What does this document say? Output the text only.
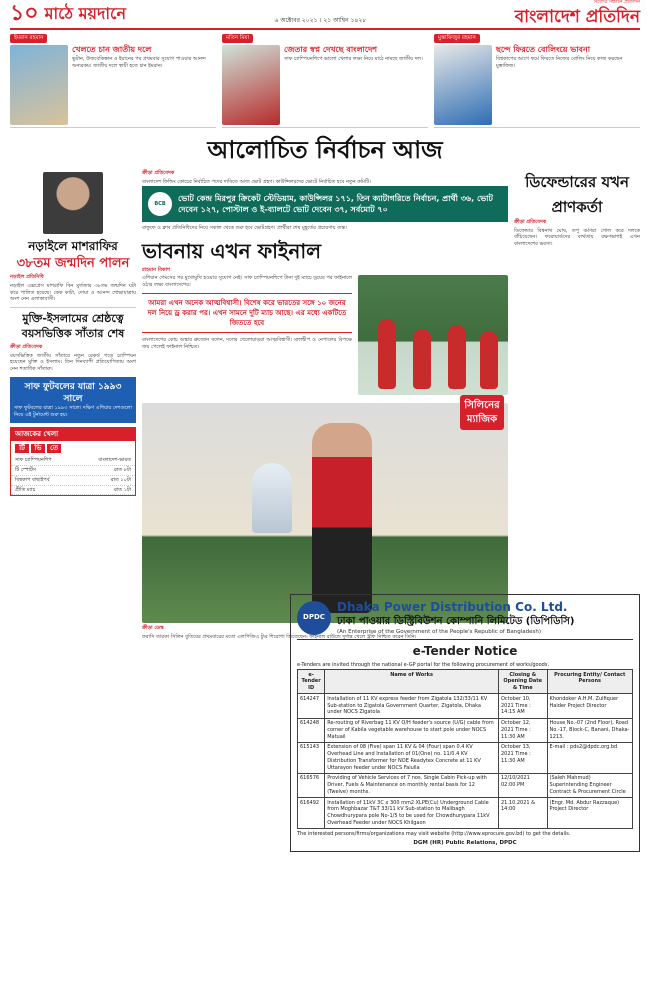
১০ মাঠে ময়দানে	৬ অক্টোবর ২০২১ । ২১ আশ্বিন ১৪২৮
সত্যের সন্ধানে প্রতিদিন
বাংলাদেশ প্রতিদিন
ইমরান রহমান
খেলতে চান জাতীয় দলে
ভুটান, উজবেকিস্তান ও ইরানের পর প্রথমবার সুযোগ পাওয়ার আনন্দ অন্যরকম। জাতীয় দলে স্থায়ী হতে চান ইমরান।
মতিন মিয়া
জেতার স্বপ্ন দেখছে বাংলাদেশ
সাফ চ্যাম্পিয়নশিপে ভালো খেলার লক্ষ্য নিয়ে মাঠে নামছে জাতীয় দল।
মুস্তাফিজুর রহমান
ছন্দে ফিরতে বোলিংয়ে ভাবনা
বিশ্বকাপের আগে ফর্মে ফিরতে নিজের বোলিং নিয়ে কাজ করছেন মুস্তাফিজ।
আলোচিত নির্বাচন আজ
নড়াইলে মাশরাফির
৩৮তম জন্মদিন পালন
নড়াইল প্রতিনিধি
নড়াইল এক্সপ্রেস মাশরাফি বিন মুর্তজার ৩৮তম জন্মদিন ঘটা করে পালিত হয়েছে। কেক কাটা, দোয়া ও আনন্দ শোভাযাত্রায় অংশ নেন এলাকাবাসী।
মুক্তি-ইসলামের শ্রেষ্ঠত্বে বয়সভিত্তিক সাঁতার শেষ
ক্রীড়া প্রতিবেদক
বয়সভিত্তিক জাতীয় সাঁতারে নতুন রেকর্ড গড়ে চ্যাম্পিয়ন হয়েছেন মুক্তি ও ইসলাম। তিন দিনব্যাপী প্রতিযোগিতায় অংশ নেন শতাধিক সাঁতারু।
সাফ ফুটবলের যাত্রা ১৯৯৩ সালে
সাফ ফুটবলের যাত্রা ১৯৯৩ সালে। দক্ষিণ এশিয়ার দেশগুলো নিয়ে এই টুর্নামেন্ট শুরু হয়।
আজকের খেলা
টি	ভি	তে
সাফ চ্যাম্পিয়নশিপ	বাংলাদেশ-ভারত
টি স্পোর্টস	রাত ৮টা
বিশ্বকাপ বাছাইপর্ব	রাত ১০টা
প্রীতি ম্যাচ	রাত ১টা
ক্রীড়া প্রতিবেদক
বাংলাদেশ ফিল্ডিং কোচের নির্বাচিত পদের দাবিতে আজ ভোট গ্রহণ। কাউন্সিলরদের ভোটে নির্বাচিত হবে নতুন কমিটি।
BCB
ভোট কেন্দ্র মিরপুর ক্রিকেট স্টেডিয়াম, কাউন্সিলর ১৭১, তিন ক্যাটাগরিতে নির্বাচন, প্রার্থী ৩৬, ভোট দেবেন ১২৭, পোস্টাল ও ই-ব্যালটে ভোট দেবেন ৩৭, সর্বমোট ৭০
বাফুফে ও ক্লাব প্রতিনিধিদের নিয়ে সকাল থেকে শুরু হবে ভোটগ্রহণ। প্রার্থীরা শেষ মুহূর্তের প্রচারণায় ব্যস্ত।
ভাবনায় এখন ফাইনাল
রাহমান বিকাশ
এশিয়ান গেমসের পর মুখোমুখি হওয়ার সুযোগ নেই। সাফ চ্যাম্পিয়নশিপে টানা দুই ম্যাচে ড্রয়ের পর ফাইনালে ওঠার লক্ষ্য বাংলাদেশের।
আমরা এখন অনেক আত্মবিশ্বাসী। বিশেষ করে ভারতের সঙ্গে ১০ জনের দল নিয়ে ড্র করার পর। এখন সামনে দুটি ম্যাচ আছে। এর মধ্যে একটিতে জিততে হবে
বাংলাদেশের কোচ অস্কার ব্রুজোন বলেন, দলের খেলোয়াড়রা আত্মবিশ্বাসী। মালদ্বীপ ও নেপালের বিপক্ষে জয় পেলেই ফাইনাল নিশ্চিত।
সিলিনের ম্যাজিক
ক্রীড়া ডেস্ক
ফরাসি তারকা সিলিন বুতিয়ের প্রথমবারের মতো এলপিজিএ ট্যুর শিরোপা জিতেছেন। ফাইনাল রাউন্ডে দুর্দান্ত খেলে ট্রফি নিশ্চিত করেন তিনি।
ডিফেন্ডারের যখন
প্রাণকর্তা
ক্রীড়া প্রতিবেদক
ডিফেন্ডার বিশ্বনাথ ঘোষ, তপু বর্মণরা গোল করে দলকে বাঁচিয়েছেন। ফরোয়ার্ডদের ব্যর্থতায় রক্ষণভাগই এখন বাংলাদেশের ভরসা।
DPDC
Dhaka Power Distribution Co. Ltd.
ঢাকা পাওয়ার ডিস্ট্রিবিউশন কোম্পানি লিমিটেড (ডিপিডিসি)
(An Enterprise of the Government of the People's Republic of Bangladesh)
e-Tender Notice
e-Tenders are invited through the national e-GP portal for the following procurement of works/goods.
e-Tender ID	Name of Works	Closing & Opening Date & Time	Procuring Entity/ Contact Persons
614247	Installation of 11 KV express feeder from Zigatola 132/33/11 KV Sub-station to Zigatola Government Quarter, Zigatola, Dhaka under NOCS Zigatola	October 10, 2021 Time : 14:15 AM	Khondoker A.H.M. Zulfiquer Haider Project Director
614248	Re-routing of Riverbag 11 KV O/H feeder's source (U/G) cable from corner of Kabila vegetable warehouse to start pole under NOCS Matuail	October 12, 2021 Time : 11:30 AM	House No.-07 (2nd Floor), Road No.-17, Block-C, Banani, Dhaka-1213.
615143	Extension of 08 (Five) span 11 KV & 04 (Four) span 0.4 KV Overhead Line and Installation of 01(One) no. 11/0.4 KV Distribution Transformer for NOE Readytex Concrete at 11 KV Uttarayon feeder under NOCS Faiulla	October 13, 2021 Time : 11:30 AM	E-mail : pds2@dpdc.org.bd
616576	Providing of Vehicle Services of 7 nos. Single Cabin Pick-up with Driver, Fuels & Maintenance on monthly rental basis for 12 (Twelve) months.	12/10/2021 02:00 PM	(Saleh Mahmud) Superintending Engineer Contract & Procurement Circle
616492	Installation of 11kV 3C x 300 mm2 XLPE(Cu) Underground Cable from Moghbazar T&T 33/11 kV Sub-station to Malibagh Chowdhurypara pole No-1/5 to be used for Chowdhurypara 11kV Overhead Feeder under NOCS Khilgaon	21.10.2021 & 14:00	(Engr. Md. Abdur Razzaque) Project Director
The interested persons/firms/organizations may visit website (http://www.eprocure.gov.bd) to get the details.
DGM (HR) Public Relations, DPDC
